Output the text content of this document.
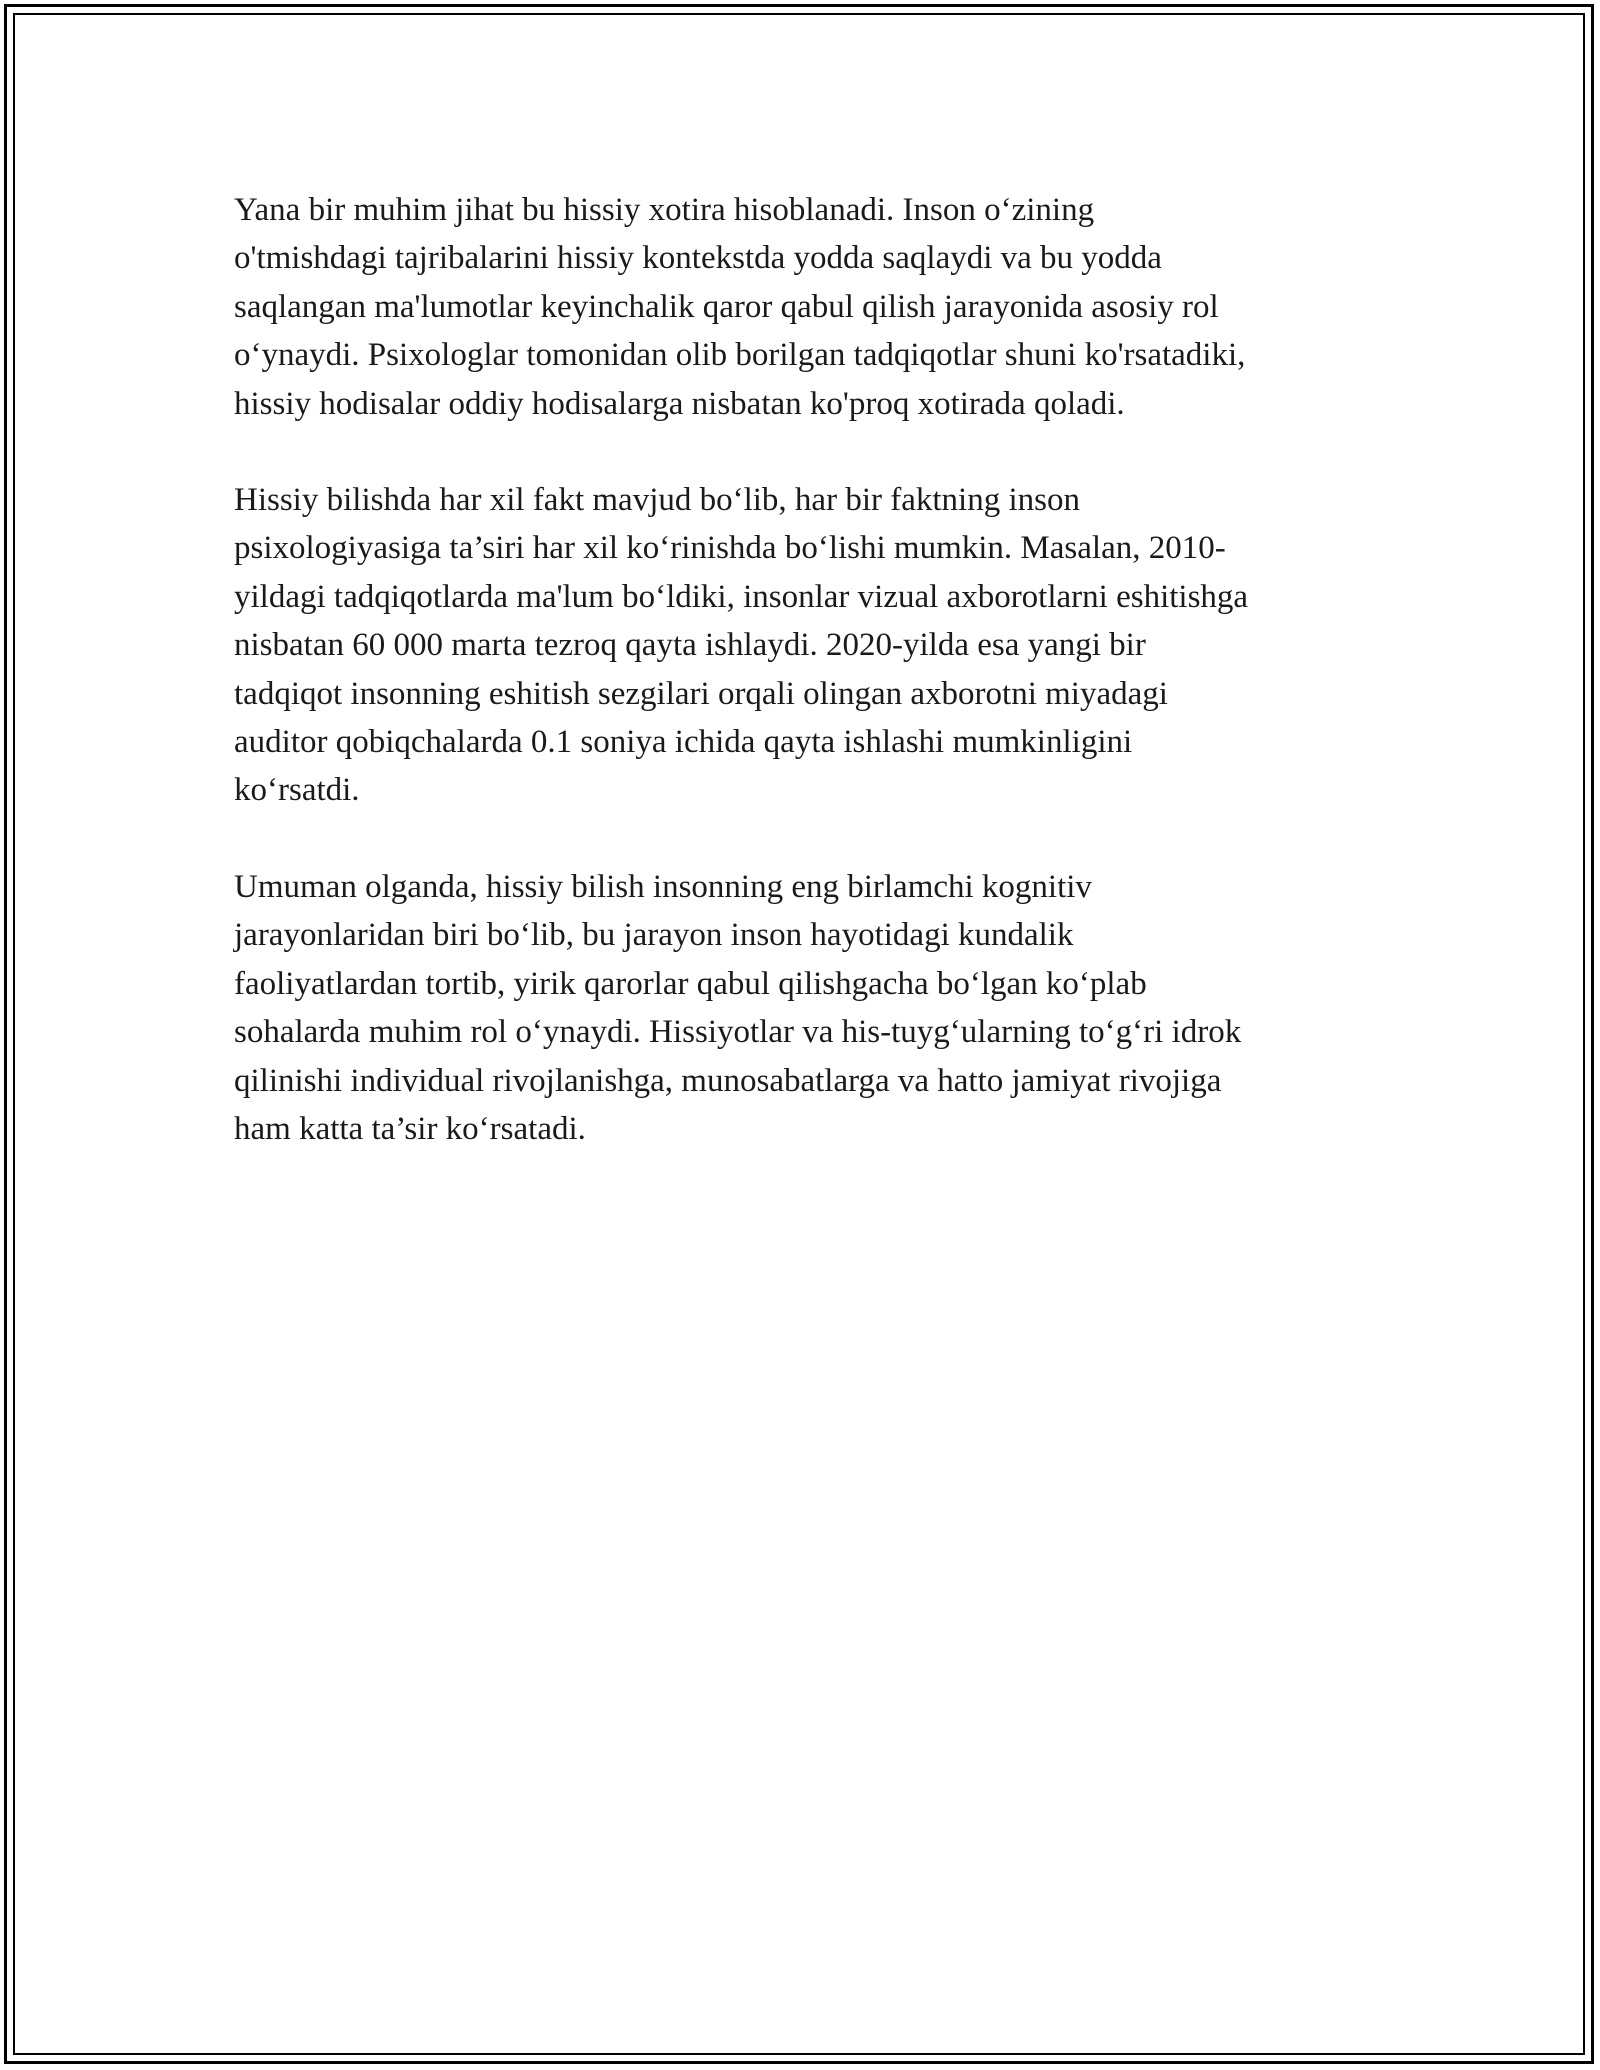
Yana bir muhim jihat bu hissiy xotira hisoblanadi. Inson o‘zining
o'tmishdagi tajribalarini hissiy kontekstda yodda saqlaydi va bu yodda
saqlangan ma'lumotlar keyinchalik qaror qabul qilish jarayonida asosiy rol
o‘ynaydi. Psixologlar tomonidan olib borilgan tadqiqotlar shuni ko'rsatadiki,
hissiy hodisalar oddiy hodisalarga nisbatan ko'proq xotirada qoladi.

Hissiy bilishda har xil fakt mavjud bo‘lib, har bir faktning inson
psixologiyasiga ta’siri har xil ko‘rinishda bo‘lishi mumkin. Masalan, 2010-
yildagi tadqiqotlarda ma'lum bo‘ldiki, insonlar vizual axborotlarni eshitishga
nisbatan 60 000 marta tezroq qayta ishlaydi. 2020-yilda esa yangi bir
tadqiqot insonning eshitish sezgilari orqali olingan axborotni miyadagi
auditor qobiqchalarda 0.1 soniya ichida qayta ishlashi mumkinligini
ko‘rsatdi.

Umuman olganda, hissiy bilish insonning eng birlamchi kognitiv
jarayonlaridan biri bo‘lib, bu jarayon inson hayotidagi kundalik
faoliyatlardan tortib, yirik qarorlar qabul qilishgacha bo‘lgan ko‘plab
sohalarda muhim rol o‘ynaydi. Hissiyotlar va his-tuyg‘ularning to‘g‘ri idrok
qilinishi individual rivojlanishga, munosabatlarga va hatto jamiyat rivojiga
ham katta ta’sir ko‘rsatadi.
